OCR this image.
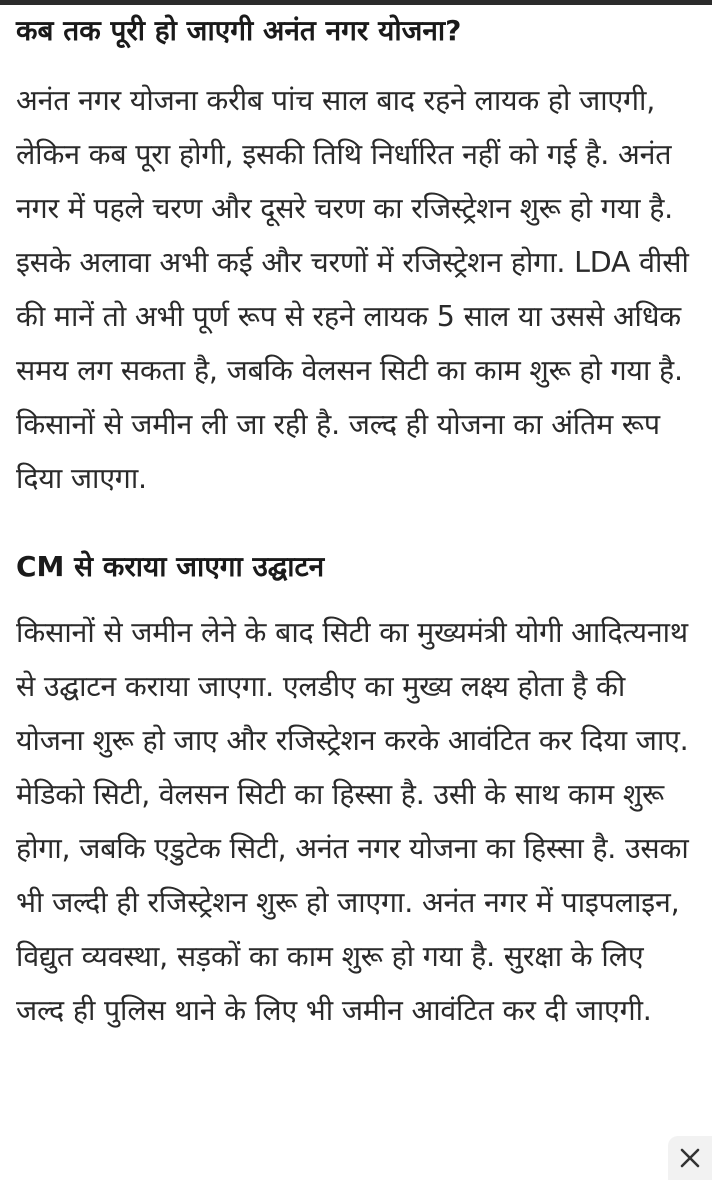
कब तक पूरी हो जाएगी अनंत नगर योजना?

अनंत नगर योजना करीब पांच साल बाद रहने लायक हो जाएगी, लेकिन कब पूरा होगी, इसकी तिथि निर्धारित नहीं को गई है. अनंत नगर में पहले चरण और दूसरे चरण का रजिस्ट्रेशन शुरू हो गया है. इसके अलावा अभी कई और चरणों में रजिस्ट्रेशन होगा. LDA वीसी की मानें तो अभी पूर्ण रूप से रहने लायक 5 साल या उससे अधिक समय लग सकता है, जबकि वेलसन सिटी का काम शुरू हो गया है. किसानों से जमीन ली जा रही है. जल्द ही योजना का अंतिम रूप दिया जाएगा.

CM से कराया जाएगा उद्घाटन

किसानों से जमीन लेने के बाद सिटी का मुख्यमंत्री योगी आदित्यनाथ से उद्घाटन कराया जाएगा. एलडीए का मुख्य लक्ष्य होता है की योजना शुरू हो जाए और रजिस्ट्रेशन करके आवंटित कर दिया जाए. मेडिको सिटी, वेलसन सिटी का हिस्सा है. उसी के साथ काम शुरू होगा, जबकि एडुटेक सिटी, अनंत नगर योजना का हिस्सा है. उसका भी जल्दी ही रजिस्ट्रेशन शुरू हो जाएगा. अनंत नगर में पाइपलाइन, विद्युत व्यवस्था, सड़कों का काम शुरू हो गया है. सुरक्षा के लिए जल्द ही पुलिस थाने के लिए भी जमीन आवंटित कर दी जाएगी.
